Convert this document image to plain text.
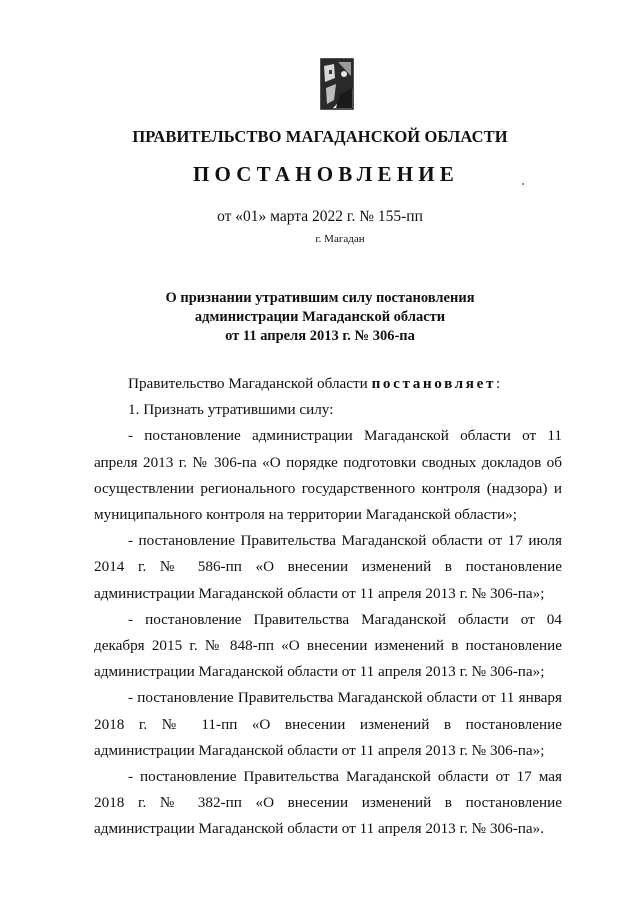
ПРАВИТЕЛЬСТВО МАГАДАНСКОЙ ОБЛАСТИ
ПОСТАНОВЛЕНИЕ
от «01» марта 2022 г. № 155-пп
г. Магадан
О признании утратившим силу постановления
администрации Магаданской области
от 11 апреля 2013 г. № 306-па

Правительство Магаданской области постановляет:

1. Признать утратившими силу:

- постановление администрации Магаданской области от 11 апреля 2013 г. № 306-па «О порядке подготовки сводных докладов об осуществлении регионального государственного контроля (надзора) и муниципального контроля на территории Магаданской области»;

- постановление Правительства Магаданской области от 17 июля 2014 г. № 586-пп «О внесении изменений в постановление администрации Магаданской области от 11 апреля 2013 г. № 306-па»;

- постановление Правительства Магаданской области от 04 декабря 2015 г. № 848-пп «О внесении изменений в постановление администрации Магаданской области от 11 апреля 2013 г. № 306-па»;

- постановление Правительства Магаданской области от 11 января 2018 г. № 11-пп «О внесении изменений в постановление администрации Магаданской области от 11 апреля 2013 г. № 306-па»;

- постановление Правительства Магаданской области от 17 мая 2018 г. № 382-пп «О внесении изменений в постановление администрации Магаданской области от 11 апреля 2013 г. № 306-па».
